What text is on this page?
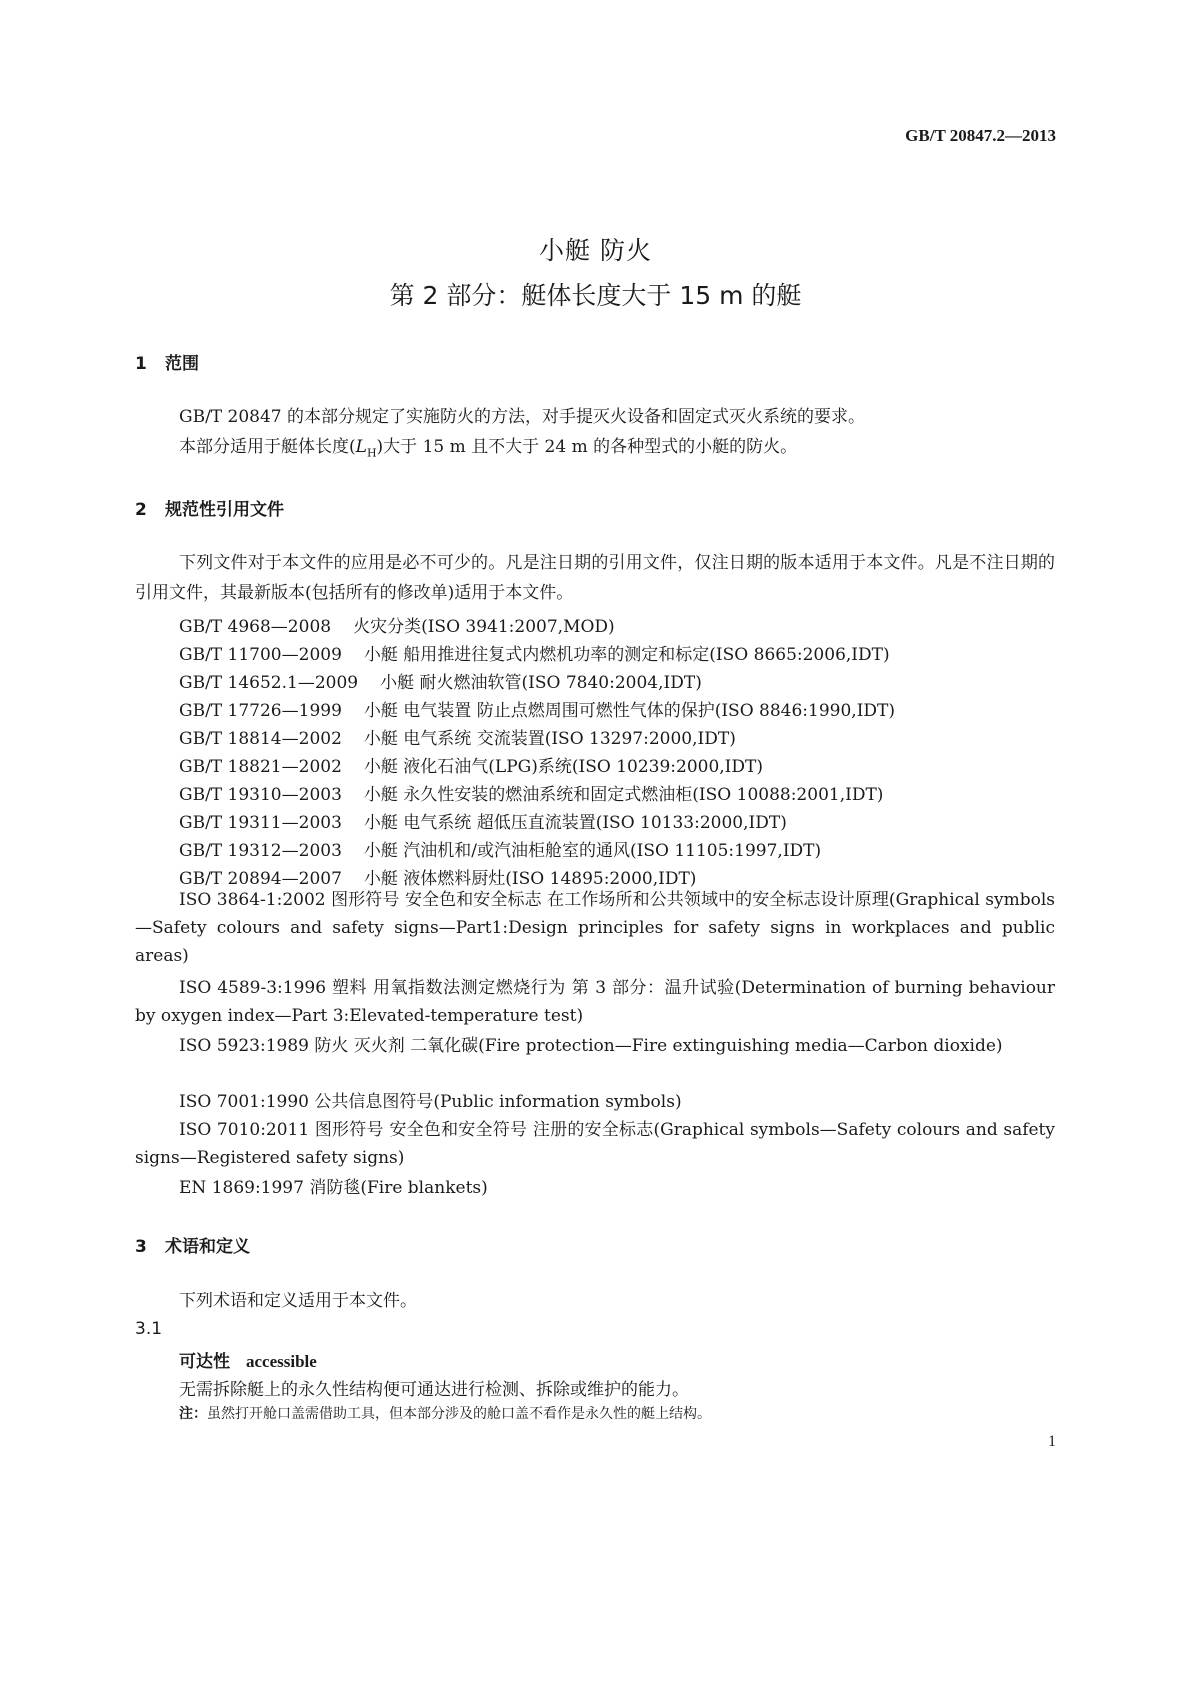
GB/T 20847.2—2013
小艇 防火
第 2 部分：艇体长度大于 15 m 的艇
1 范围
GB/T 20847 的本部分规定了实施防火的方法，对手提灭火设备和固定式灭火系统的要求。
本部分适用于艇体长度$(L_H)$大于 15 m 且不大于 24 m 的各种型式的小艇的防火。
2 规范性引用文件
下列文件对于本文件的应用是必不可少的。凡是注日期的引用文件，仅注日期的版本适用于本文件。凡是不注日期的引用文件，其最新版本(包括所有的修改单)适用于本文件。
GB/T 4968—2008 火灾分类(ISO 3941:2007,MOD)
GB/T 11700—2009 小艇 船用推进往复式内燃机功率的测定和标定(ISO 8665:2006,IDT)
GB/T 14652.1—2009 小艇 耐火燃油软管(ISO 7840:2004,IDT)
GB/T 17726—1999 小艇 电气装置 防止点燃周围可燃性气体的保护(ISO 8846:1990,IDT)
GB/T 18814—2002 小艇 电气系统 交流装置(ISO 13297:2000,IDT)
GB/T 18821—2002 小艇 液化石油气(LPG)系统(ISO 10239:2000,IDT)
GB/T 19310—2003 小艇 永久性安装的燃油系统和固定式燃油柜(ISO 10088:2001,IDT)
GB/T 19311—2003 小艇 电气系统 超低压直流装置(ISO 10133:2000,IDT)
GB/T 19312—2003 小艇 汽油机和/或汽油柜舱室的通风(ISO 11105:1997,IDT)
GB/T 20894—2007 小艇 液体燃料厨灶(ISO 14895:2000,IDT)
ISO 3864-1:2002 图形符号 安全色和安全标志 在工作场所和公共领域中的安全标志设计原理(Graphical symbols—Safety colours and safety signs—Part1:Design principles for safety signs in workplaces and public areas)
ISO 4589-3:1996 塑料 用氧指数法测定燃烧行为 第 3 部分：温升试验(Determination of burning behaviour by oxygen index—Part 3:Elevated-temperature test)
ISO 5923:1989 防火 灭火剂 二氧化碳(Fire protection—Fire extinguishing media—Carbon dioxide)
ISO 7001:1990 公共信息图符号(Public information symbols)
ISO 7010:2011 图形符号 安全色和安全符号 注册的安全标志(Graphical symbols—Safety colours and safety signs—Registered safety signs)
EN 1869:1997 消防毯(Fire blankets)
3 术语和定义
下列术语和定义适用于本文件。
3.1
可达性 accessible
无需拆除艇上的永久性结构便可通达进行检测、拆除或维护的能力。
注：虽然打开舱口盖需借助工具，但本部分涉及的舱口盖不看作是永久性的艇上结构。
1
